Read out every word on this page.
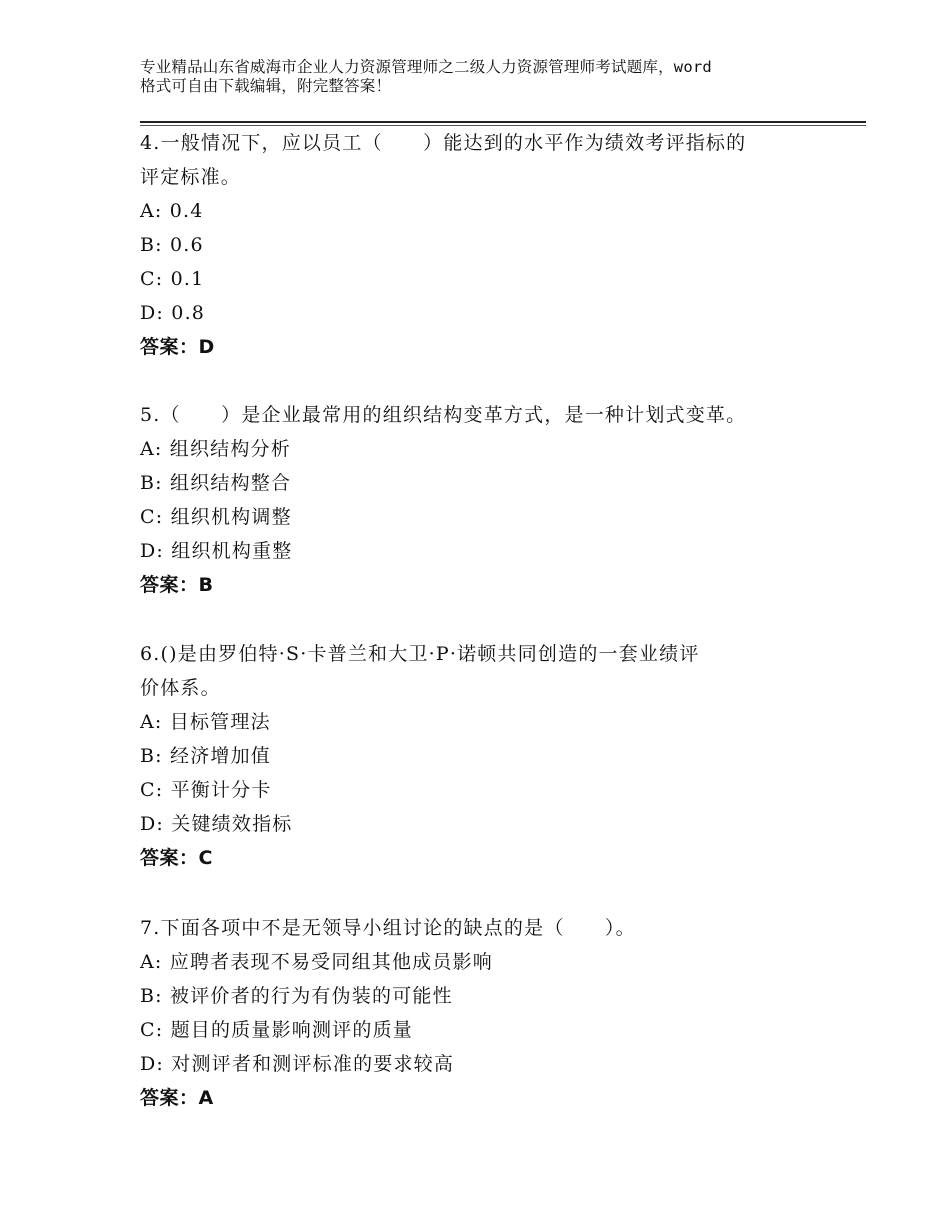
专业精品山东省威海市企业人力资源管理师之二级人力资源管理师考试题库，word
格式可自由下载编辑，附完整答案！

4.一般情况下，应以员工（　　）能达到的水平作为绩效考评指标的

评定标准。

A: 0.4

B: 0.6

C: 0.1

D: 0.8

答案：D

5.（　　）是企业最常用的组织结构变革方式，是一种计划式变革。

A: 组织结构分析

B: 组织结构整合

C: 组织机构调整

D: 组织机构重整

答案：B

6.()是由罗伯特·S·卡普兰和大卫·P·诺顿共同创造的一套业绩评

价体系。

A: 目标管理法

B: 经济增加值

C: 平衡计分卡

D: 关键绩效指标

答案：C

7.下面各项中不是无领导小组讨论的缺点的是（　　）。

A: 应聘者表现不易受同组其他成员影响

B: 被评价者的行为有伪装的可能性

C: 题目的质量影响测评的质量

D: 对测评者和测评标准的要求较高

答案：A
